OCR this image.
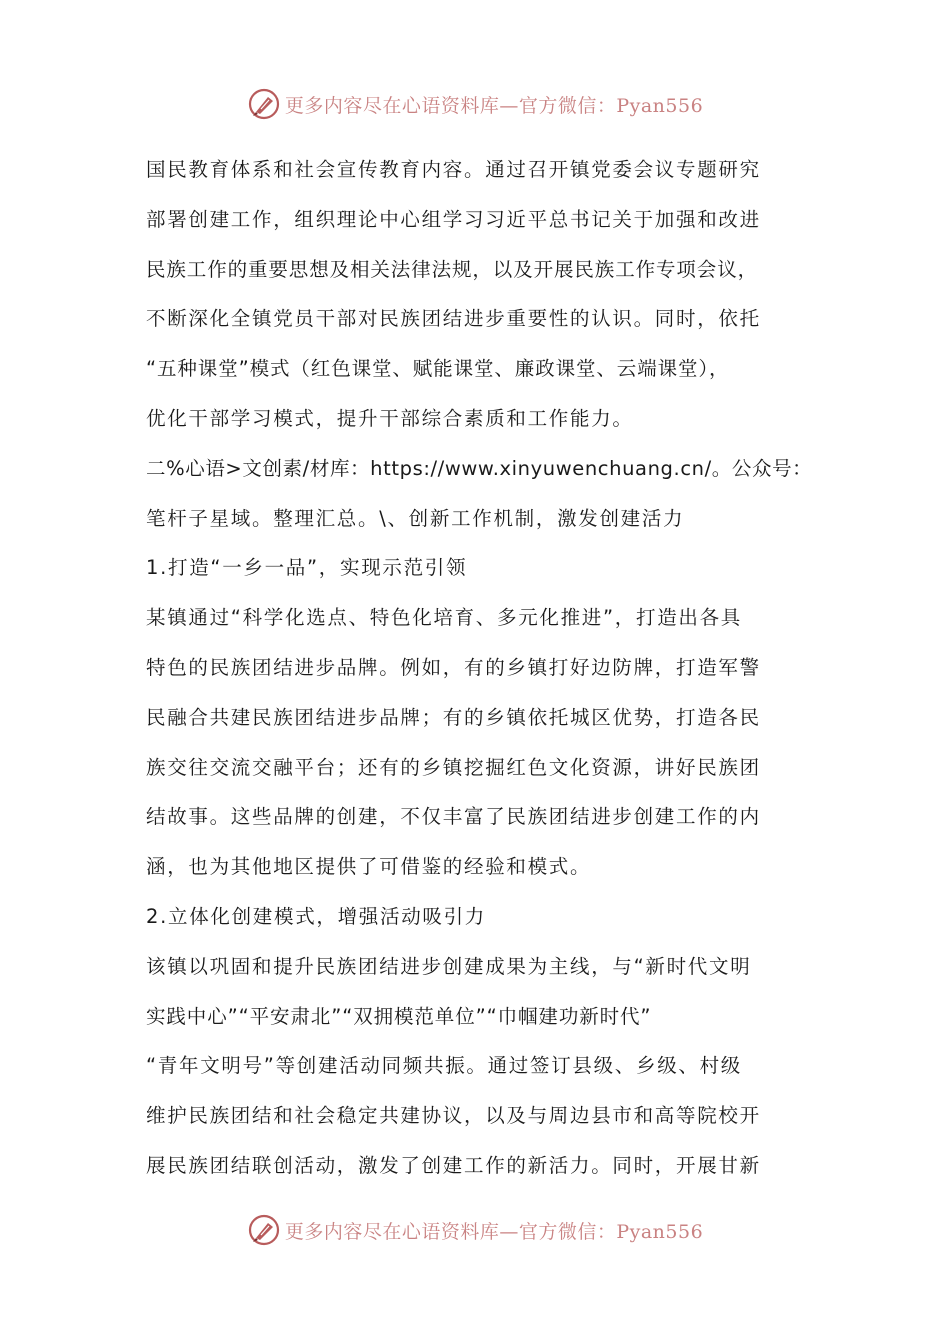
更多内容尽在心语资料库—官方微信：Pyan556
国民教育体系和社会宣传教育内容。通过召开镇党委会议专题研究
部署创建工作，组织理论中心组学习习近平总书记关于加强和改进
民族工作的重要思想及相关法律法规，以及开展民族工作专项会议，
不断深化全镇党员干部对民族团结进步重要性的认识。同时，依托
“五种课堂”模式（红色课堂、赋能课堂、廉政课堂、云端课堂），
优化干部学习模式，提升干部综合素质和工作能力。
二%心语>文创素/材库：https://www.xinyuwenchuang.cn/。公众号：
笔杆子星域。整理汇总。\、创新工作机制，激发创建活力
1.打造“一乡一品”，实现示范引领
某镇通过“科学化选点、特色化培育、多元化推进”，打造出各具
特色的民族团结进步品牌。例如，有的乡镇打好边防牌，打造军警
民融合共建民族团结进步品牌；有的乡镇依托城区优势，打造各民
族交往交流交融平台；还有的乡镇挖掘红色文化资源，讲好民族团
结故事。这些品牌的创建，不仅丰富了民族团结进步创建工作的内
涵，也为其他地区提供了可借鉴的经验和模式。
2.立体化创建模式，增强活动吸引力
该镇以巩固和提升民族团结进步创建成果为主线，与“新时代文明
实践中心”“平安肃北”“双拥模范单位”“巾帼建功新时代”
“青年文明号”等创建活动同频共振。通过签订县级、乡级、村级
维护民族团结和社会稳定共建协议，以及与周边县市和高等院校开
展民族团结联创活动，激发了创建工作的新活力。同时，开展甘新
更多内容尽在心语资料库—官方微信：Pyan556
